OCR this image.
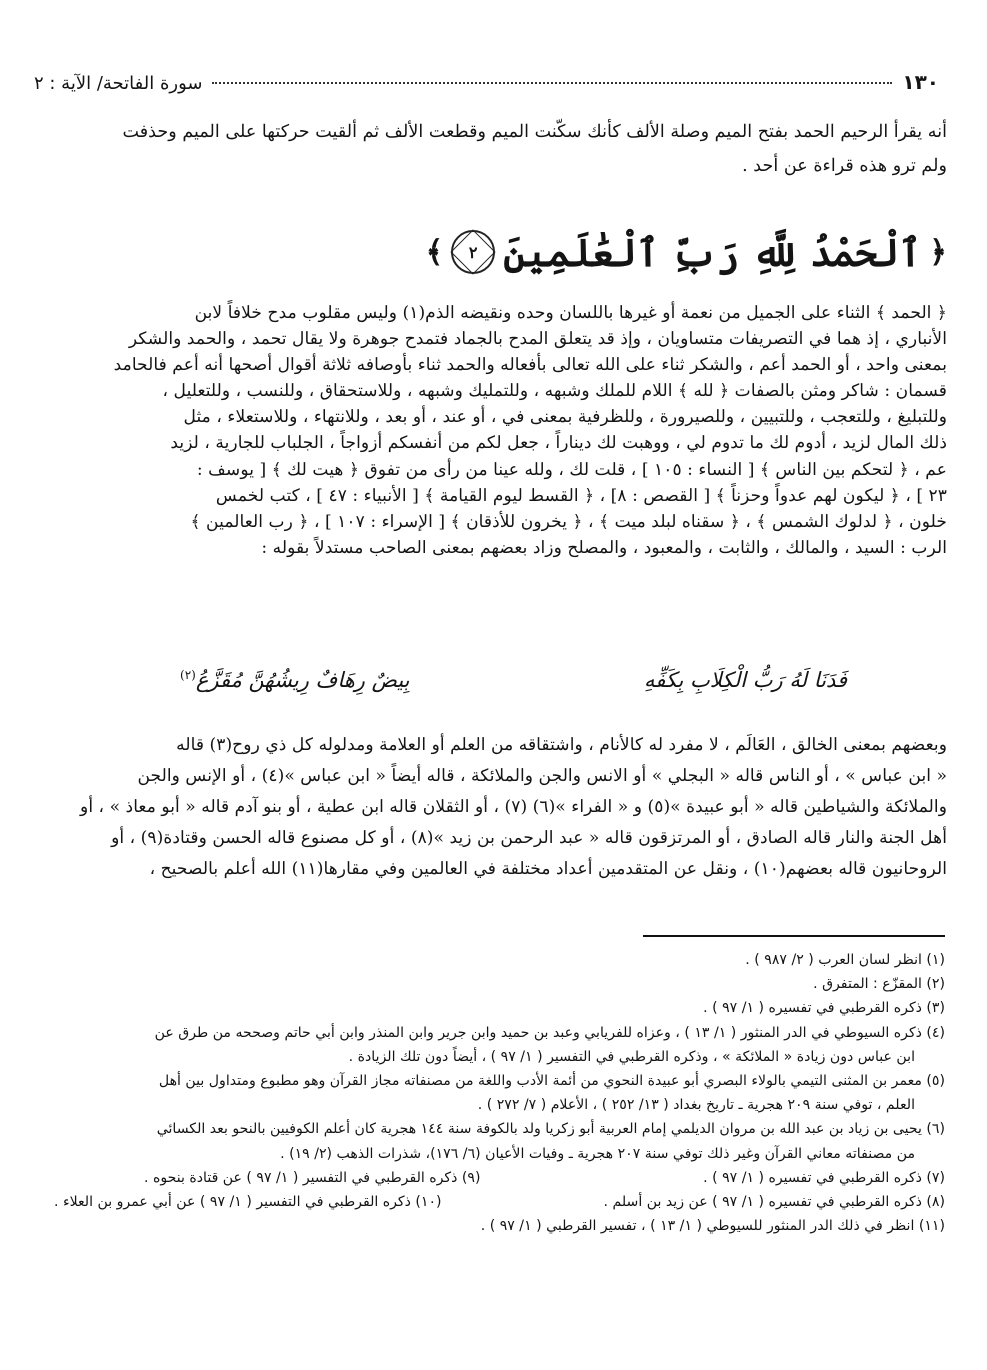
١٣٠
سورة الفاتحة/ الآية : ٢
أنه يقرأ الرحيم الحمد بفتح الميم وصلة الألف كأنك سكّنت الميم وقطعت الألف ثم ألقيت حركتها على الميم وحذفت
ولم ترو هذه قراءة عن أحد .
﴿
ٱلْحَمْدُ لِلَّهِ رَبِّ ٱلْعَٰلَمِينَ
٢
﴾
﴿ الحمد ﴾ الثناء على الجميل من نعمة أو غيرها باللسان وحده ونقيضه الذم(١) وليس مقلوب مدح خلافاً لابن
الأنباري ، إذ هما في التصريفات متساويان ، وإذ قد يتعلق المدح بالجماد فتمدح جوهرة ولا يقال تحمد ، والحمد والشكر
بمعنى واحد ، أو الحمد أعم ، والشكر ثناء على الله تعالى بأفعاله والحمد ثناء بأوصافه ثلاثة أقوال أصحها أنه أعم فالحامد
قسمان : شاكر ومثن بالصفات ﴿ لله ﴾ اللام للملك وشبهه ، وللتمليك وشبهه ، وللاستحقاق ، وللنسب ، وللتعليل ،
وللتبليغ ، وللتعجب ، وللتبيين ، وللصيرورة ، وللظرفية بمعنى في ، أو عند ، أو بعد ، وللانتهاء ، وللاستعلاء ، مثل
ذلك المال لزيد ، أدوم لك ما تدوم لي ، ووهبت لك ديناراً ، جعل لكم من أنفسكم أزواجاً ، الجلباب للجارية ، لزيد
عم ، ﴿ لتحكم بين الناس ﴾ [ النساء : ١٠٥ ] ، قلت لك ، ولله عينا من رأى من تفوق ﴿ هيت لك ﴾ [ يوسف :
٢٣ ] ، ﴿ ليكون لهم عدواً وحزناً ﴾ [ القصص : ٨] ، ﴿ القسط ليوم القيامة ﴾ [ الأنبياء : ٤٧ ] ، كتب لخمس
خلون ، ﴿ لدلوك الشمس ﴾ ، ﴿ سقناه لبلد ميت ﴾ ، ﴿ يخرون للأذقان ﴾ [ الإسراء : ١٠٧ ] ، ﴿ رب العالمين ﴾
الرب : السيد ، والمالك ، والثابت ، والمعبود ، والمصلح وزاد بعضهم بمعنى الصاحب مستدلاً بقوله :
فَدَنَا لَهُ رَبُّ الْكِلَابِ بِكَفِّهِ
بِيضٌ رِهَافٌ رِيشُهُنَّ مُقَزَّعُ$^{(٢)}$
وبعضهم بمعنى الخالق ، العَالَم ، لا مفرد له كالأنام ، واشتقاقه من العلم أو العلامة ومدلوله كل ذي روح(٣) قاله
« ابن عباس » ، أو الناس قاله « البجلي » أو الانس والجن والملائكة ، قاله أيضاً « ابن عباس »(٤) ، أو الإنس والجن
والملائكة والشياطين قاله « أبو عبيدة »(٥) و « الفراء »(٦) (٧) ، أو الثقلان قاله ابن عطية ، أو بنو آدم قاله « أبو معاذ » ، أو
أهل الجنة والنار قاله الصادق ، أو المرتزقون قاله « عبد الرحمن بن زيد »(٨) ، أو كل مصنوع قاله الحسن وقتادة(٩) ، أو
الروحانيون قاله بعضهم(١٠) ، ونقل عن المتقدمين أعداد مختلفة في العالمين وفي مقارها(١١) الله أعلم بالصحيح ،
(١) انظر لسان العرب ( ٢/ ٩٨٧ ) .
(٢) المقزّع : المتفرق .
(٣) ذكره القرطبي في تفسيره ( ١/ ٩٧ ) .
(٤) ذكره السيوطي في الدر المنثور ( ١/ ١٣ ) ، وعزاه للفريابي وعبد بن حميد وابن جرير وابن المنذر وابن أبي حاتم وصححه من طرق عن
ابن عباس دون زيادة « الملائكة » ، وذكره القرطبي في التفسير ( ١/ ٩٧ ) ، أيضاً دون تلك الزيادة .
(٥) معمر بن المثنى التيمي بالولاء البصري أبو عبيدة النحوي من أئمة الأدب واللغة من مصنفاته مجاز القرآن وهو مطبوع ومتداول بين أهل
العلم ، توفي سنة ٢٠٩ هجرية ـ تاريخ بغداد ( ١٣/ ٢٥٢ ) ، الأعلام ( ٧/ ٢٧٢ ) .
(٦) يحيى بن زياد بن عبد الله بن مروان الديلمي إمام العربية أبو زكريا ولد بالكوفة سنة ١٤٤ هجرية كان أعلم الكوفيين بالنحو بعد الكسائي
من مصنفاته معاني القرآن وغير ذلك توفي سنة ٢٠٧ هجرية ـ وفيات الأعيان (٦/ ١٧٦)، شذرات الذهب (٢/ ١٩) .
(٧) ذكره القرطبي في تفسيره ( ١/ ٩٧ ) .
(٩) ذكره القرطبي في التفسير ( ١/ ٩٧ ) عن قتادة بنحوه .
(٨) ذكره القرطبي في تفسيره ( ١/ ٩٧ ) عن زيد بن أسلم .
(١٠) ذكره القرطبي في التفسير ( ١/ ٩٧ ) عن أبي عمرو بن العلاء .
(١١) انظر في ذلك الدر المنثور للسيوطي ( ١/ ١٣ ) ، تفسير القرطبي ( ١/ ٩٧ ) .
